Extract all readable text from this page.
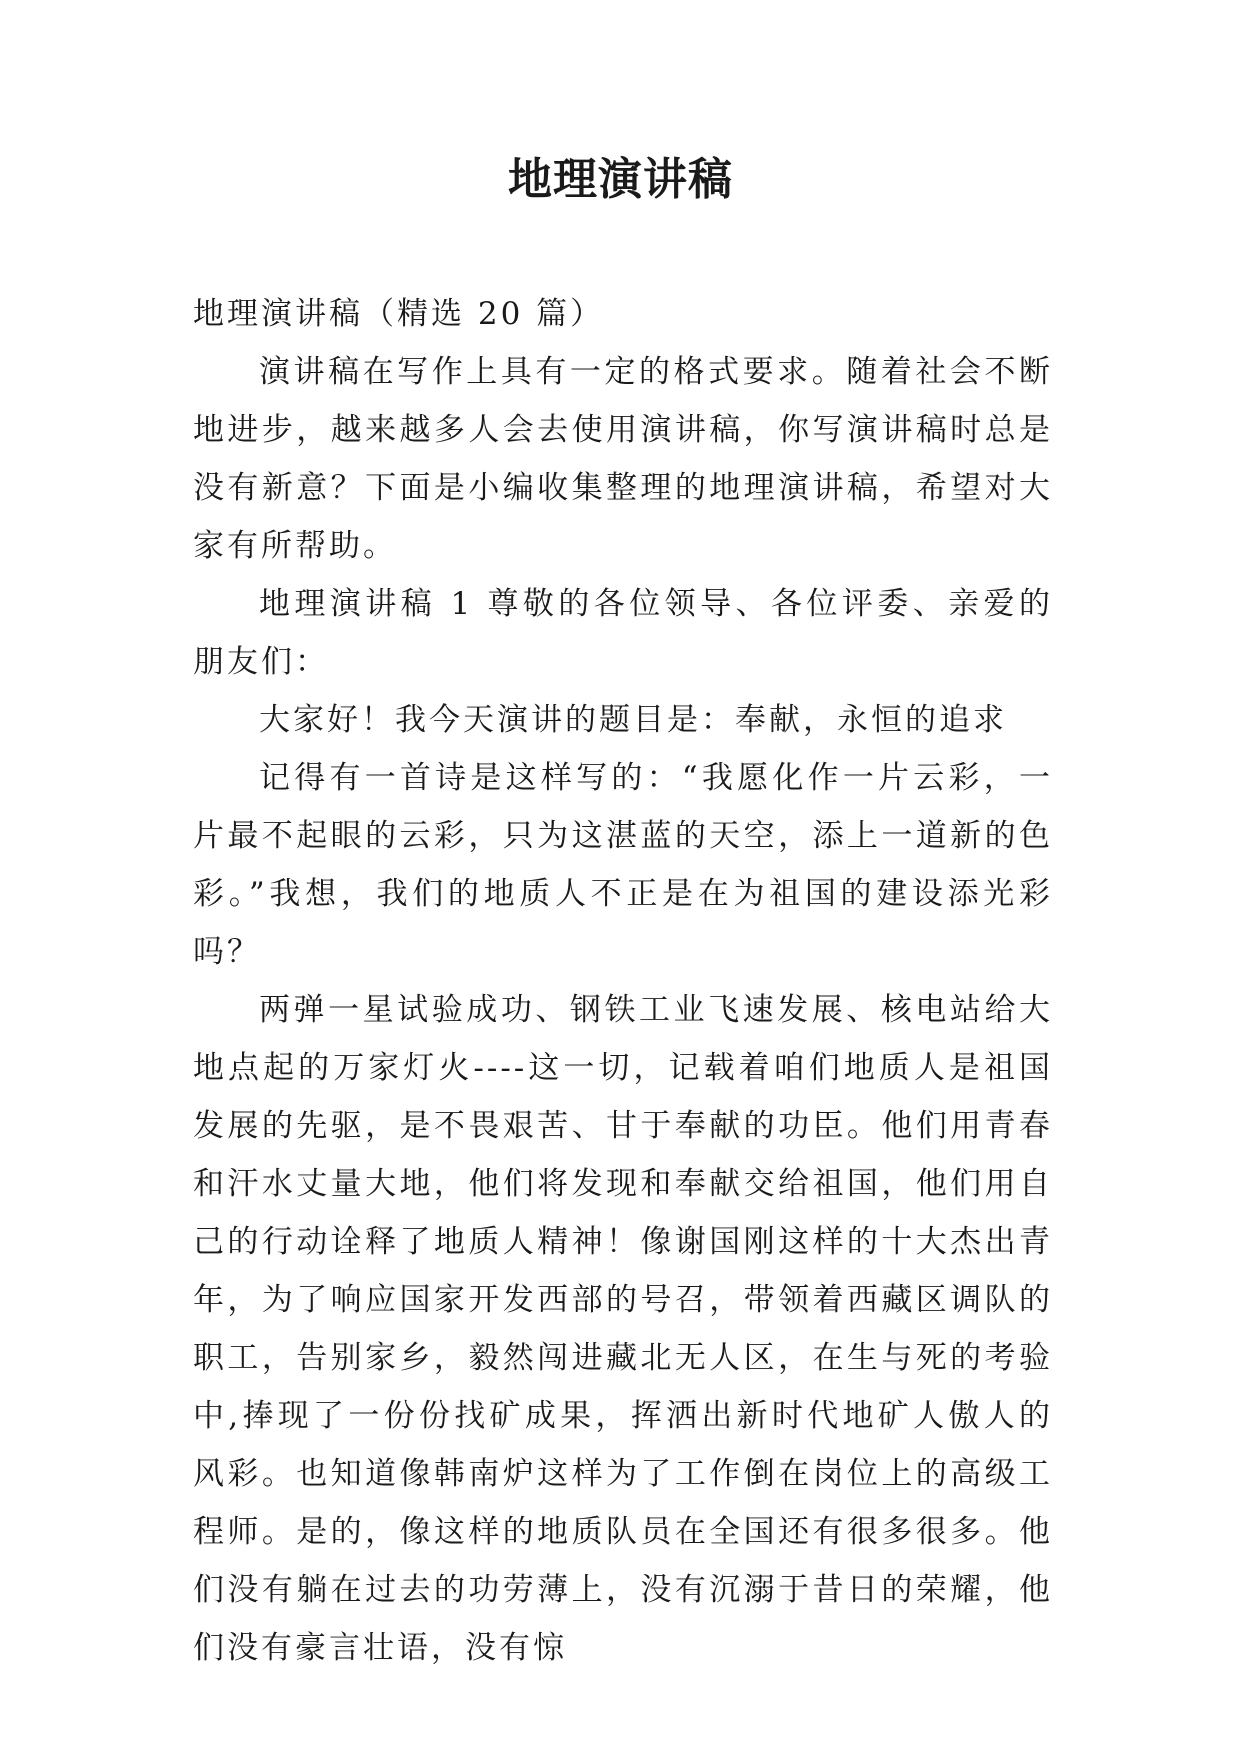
地理演讲稿

地理演讲稿（精选 20 篇）

演讲稿在写作上具有一定的格式要求。随着社会不断地进步，越来越多人会去使用演讲稿，你写演讲稿时总是没有新意？下面是小编收集整理的地理演讲稿，希望对大家有所帮助。

地理演讲稿 1 尊敬的各位领导、各位评委、亲爱的朋友们：

大家好！我今天演讲的题目是：奉献，永恒的追求

记得有一首诗是这样写的：“我愿化作一片云彩，一片最不起眼的云彩，只为这湛蓝的天空，添上一道新的色彩。”我想，我们的地质人不正是在为祖国的建设添光彩吗？

两弹一星试验成功、钢铁工业飞速发展、核电站给大地点起的万家灯火----这一切，记载着咱们地质人是祖国发展的先驱，是不畏艰苦、甘于奉献的功臣。他们用青春和汗水丈量大地，他们将发现和奉献交给祖国，他们用自己的行动诠释了地质人精神！像谢国刚这样的十大杰出青年，为了响应国家开发西部的号召，带领着西藏区调队的职工，告别家乡，毅然闯进藏北无人区，在生与死的考验中,捧现了一份份找矿成果，挥洒出新时代地矿人傲人的风彩。也知道像韩南炉这样为了工作倒在岗位上的高级工程师。是的，像这样的地质队员在全国还有很多很多。他们没有躺在过去的功劳薄上，没有沉溺于昔日的荣耀，他们没有豪言壮语，没有惊
